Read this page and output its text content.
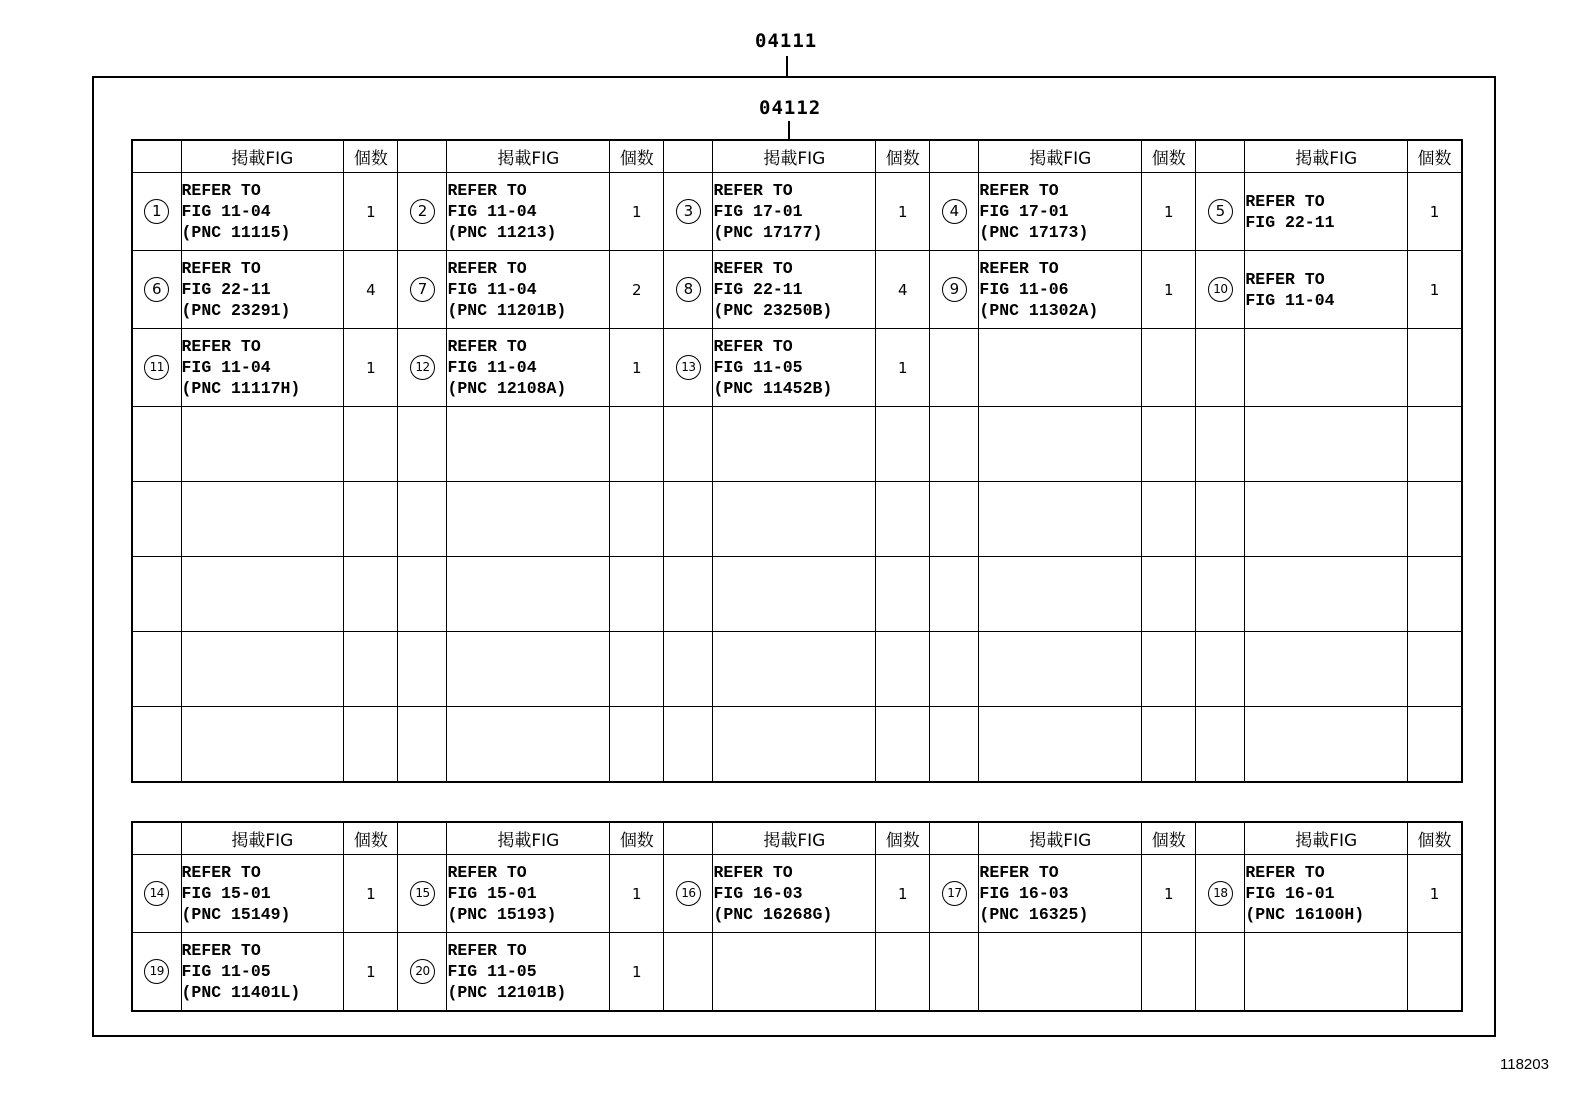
04111
04112
	掲載FIG	個数		掲載FIG	個数		掲載FIG	個数		掲載FIG	個数		掲載FIG	個数
1	REFER TO
FIG 11-04
(PNC 11115)	1	2	REFER TO
FIG 11-04
(PNC 11213)	1	3	REFER TO
FIG 17-01
(PNC 17177)	1	4	REFER TO
FIG 17-01
(PNC 17173)	1	5	REFER TO
FIG 22-11	1
6	REFER TO
FIG 22-11
(PNC 23291)	4	7	REFER TO
FIG 11-04
(PNC 11201B)	2	8	REFER TO
FIG 22-11
(PNC 23250B)	4	9	REFER TO
FIG 11-06
(PNC 11302A)	1	10	REFER TO
FIG 11-04	1
11	REFER TO
FIG 11-04
(PNC 11117H)	1	12	REFER TO
FIG 11-04
(PNC 12108A)	1	13	REFER TO
FIG 11-05
(PNC 11452B)	1						

	掲載FIG	個数		掲載FIG	個数		掲載FIG	個数		掲載FIG	個数		掲載FIG	個数
14	REFER TO
FIG 15-01
(PNC 15149)	1	15	REFER TO
FIG 15-01
(PNC 15193)	1	16	REFER TO
FIG 16-03
(PNC 16268G)	1	17	REFER TO
FIG 16-03
(PNC 16325)	1	18	REFER TO
FIG 16-01
(PNC 16100H)	1
19	REFER TO
FIG 11-05
(PNC 11401L)	1	20	REFER TO
FIG 11-05
(PNC 12101B)	1									
118203
